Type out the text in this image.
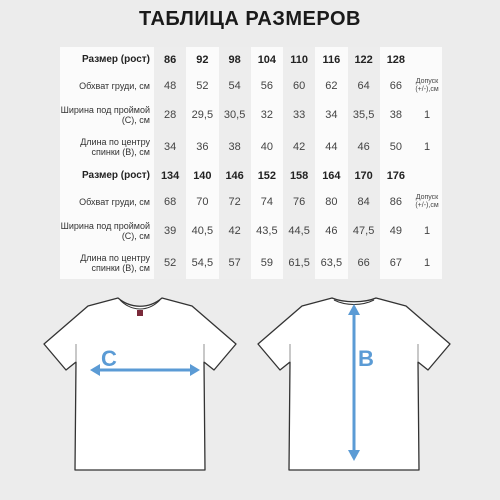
ТАБЛИЦА РАЗМЕРОВ
Размер (рост)	86	92	98	104	110	116	122	128	
Обхват груди, см	48	52	54	56	60	62	64	66	Допуск (+/-),см
Ширина под проймой (С), см	28	29,5	30,5	32	33	34	35,5	38	1
Длина по центру спинки (В), см	34	36	38	40	42	44	46	50	1
Размер (рост)	134	140	146	152	158	164	170	176	
Обхват груди, см	68	70	72	74	76	80	84	86	Допуск (+/-),см
Ширина под проймой (С), см	39	40,5	42	43,5	44,5	46	47,5	49	1
Длина по центру спинки (В), см	52	54,5	57	59	61,5	63,5	66	67	1
C	B
